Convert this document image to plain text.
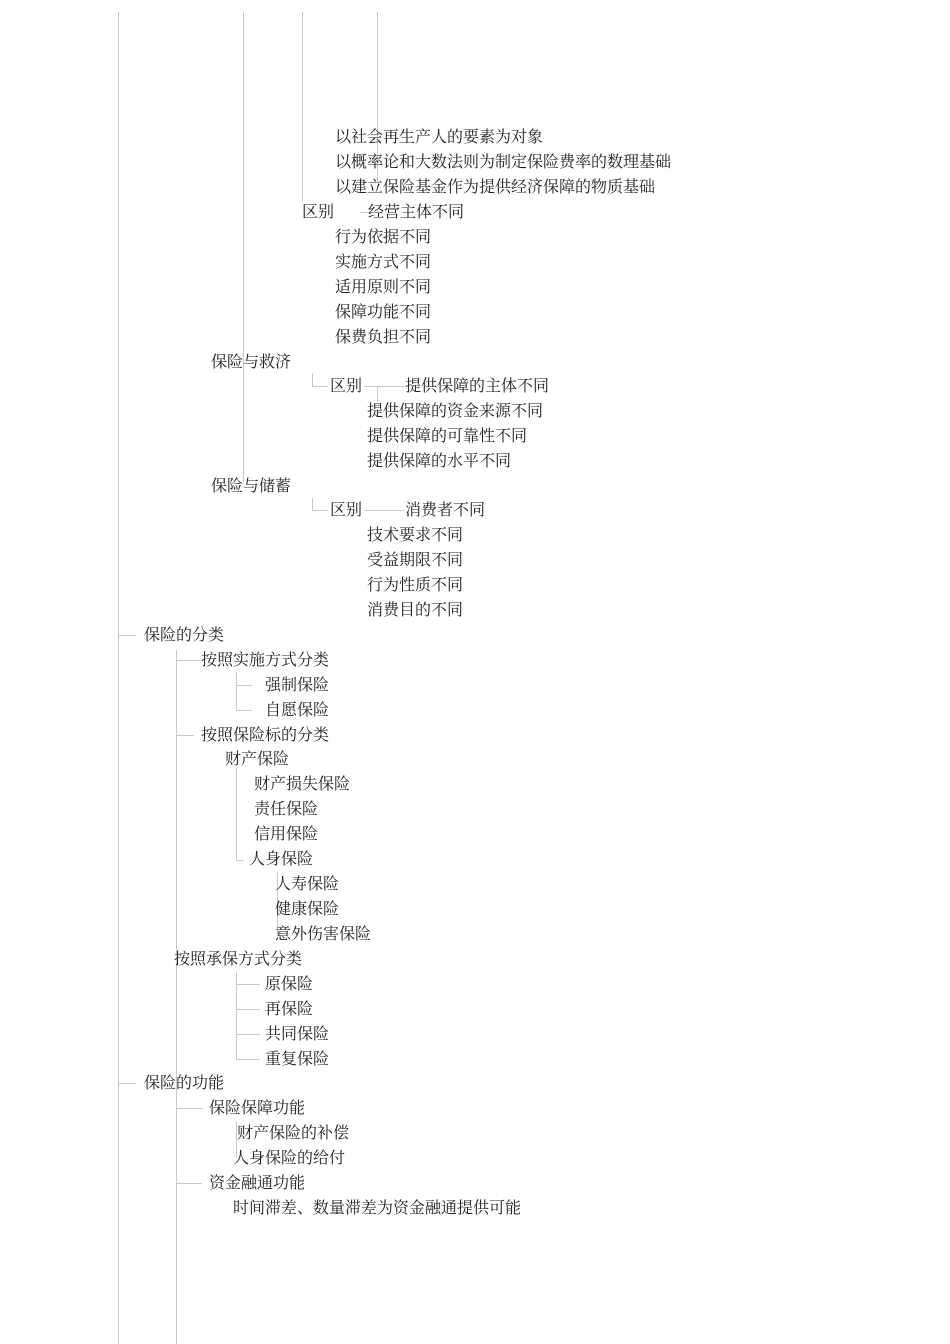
以社会再生产人的要素为对象
以概率论和大数法则为制定保险费率的数理基础
以建立保险基金作为提供经济保障的物质基础
区别 经营主体不同
行为依据不同
实施方式不同
适用原则不同
保障功能不同
保费负担不同
保险与救济
区别	提供保障的主体不同
提供保障的资金来源不同
提供保障的可靠性不同
提供保障的水平不同
保险与储蓄
区别	消费者不同
技术要求不同
受益期限不同
行为性质不同
消费目的不同
保险的分类
按照实施方式分类
强制保险
自愿保险
按照保险标的分类
财产保险
财产损失保险
责任保险
信用保险
人身保险
人寿保险
健康保险
意外伤害保险
按照承保方式分类
原保险
再保险
共同保险
重复保险
保险的功能
保险保障功能
财产保险的补偿
人身保险的给付
资金融通功能
时间滞差、数量滞差为资金融通提供可能
